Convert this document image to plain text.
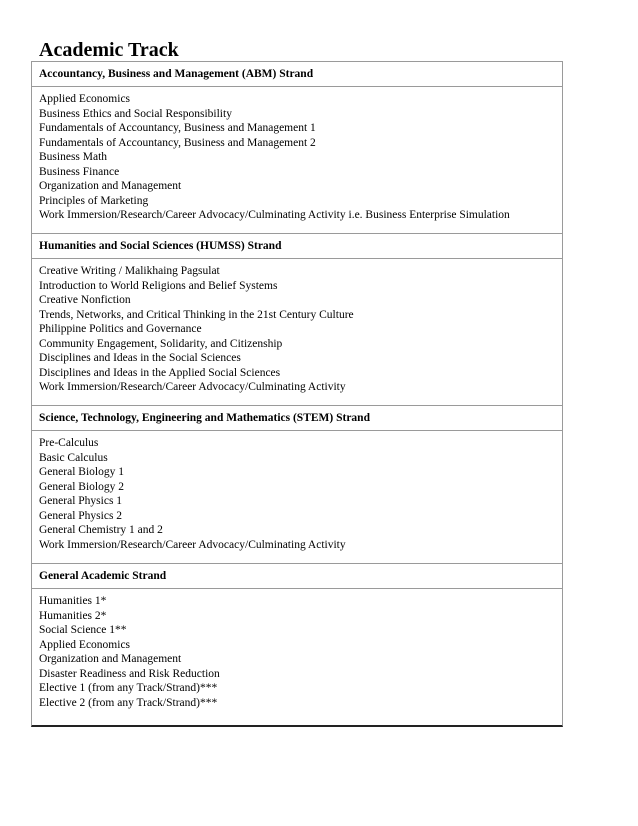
Academic Track
Accountancy, Business and Management (ABM) Strand
Applied Economics
Business Ethics and Social Responsibility
Fundamentals of Accountancy, Business and Management 1
Fundamentals of Accountancy, Business and Management 2
Business Math
Business Finance
Organization and Management
Principles of Marketing
Work Immersion/Research/Career Advocacy/Culminating Activity i.e. Business Enterprise Simulation
Humanities and Social Sciences (HUMSS) Strand
Creative Writing / Malikhaing Pagsulat
Introduction to World Religions and Belief Systems
Creative Nonfiction
Trends, Networks, and Critical Thinking in the 21st Century Culture
Philippine Politics and Governance
Community Engagement, Solidarity, and Citizenship
Disciplines and Ideas in the Social Sciences
Disciplines and Ideas in the Applied Social Sciences
Work Immersion/Research/Career Advocacy/Culminating Activity
Science, Technology, Engineering and Mathematics (STEM) Strand
Pre-Calculus
Basic Calculus
General Biology 1
General Biology 2
General Physics 1
General Physics 2
General Chemistry 1 and 2
Work Immersion/Research/Career Advocacy/Culminating Activity
General Academic Strand
Humanities 1*
Humanities 2*
Social Science 1**
Applied Economics
Organization and Management
Disaster Readiness and Risk Reduction
Elective 1 (from any Track/Strand)***
Elective 2 (from any Track/Strand)***
